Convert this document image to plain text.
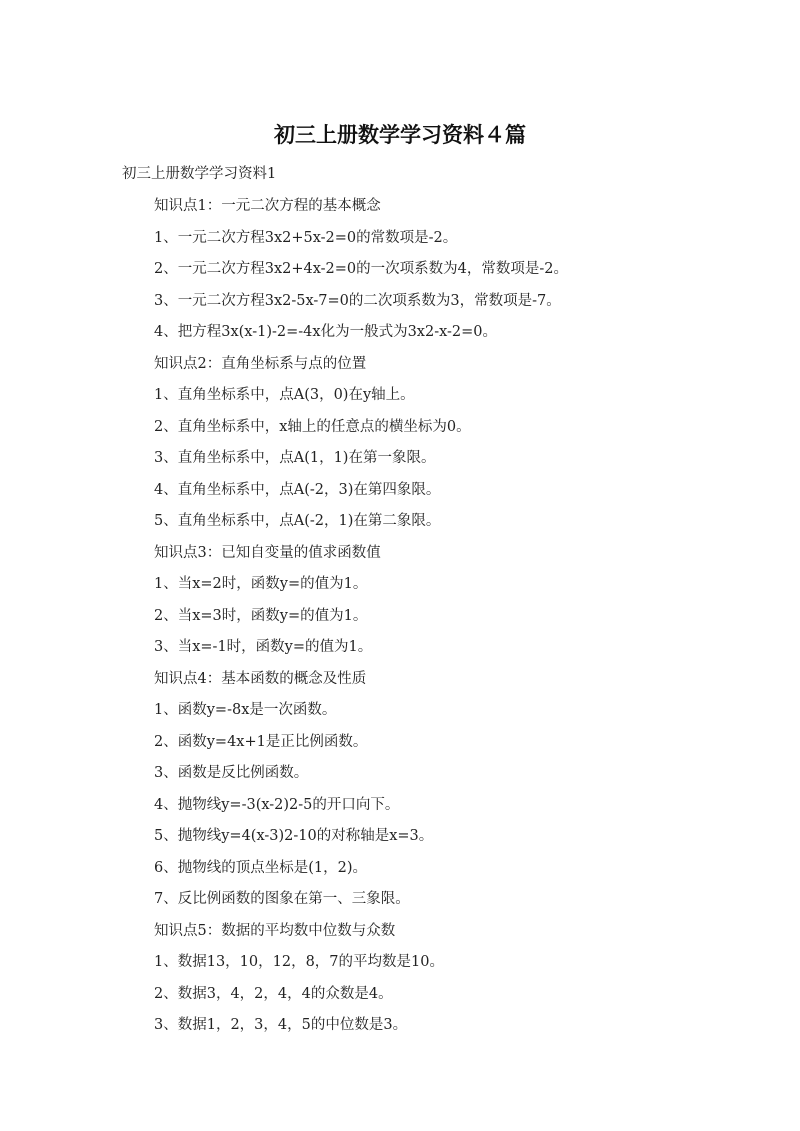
初三上册数学学习资料４篇

初三上册数学学习资料1

知识点1：一元二次方程的基本概念
1、一元二次方程3x2+5x-2=0的常数项是-2。
2、一元二次方程3x2+4x-2=0的一次项系数为4，常数项是-2。
3、一元二次方程3x2-5x-7=0的二次项系数为3，常数项是-7。
4、把方程3x(x-1)-2=-4x化为一般式为3x2-x-2=0。
知识点2：直角坐标系与点的位置
1、直角坐标系中，点A(3，0)在y轴上。
2、直角坐标系中，x轴上的任意点的横坐标为0。
3、直角坐标系中，点A(1，1)在第一象限。
4、直角坐标系中，点A(-2，3)在第四象限。
5、直角坐标系中，点A(-2，1)在第二象限。
知识点3：已知自变量的值求函数值
1、当x=2时，函数y=的值为1。
2、当x=3时，函数y=的值为1。
3、当x=-1时，函数y=的值为1。
知识点4：基本函数的概念及性质
1、函数y=-8x是一次函数。
2、函数y=4x+1是正比例函数。
3、函数是反比例函数。
4、抛物线y=-3(x-2)2-5的开口向下。
5、抛物线y=4(x-3)2-10的对称轴是x=3。
6、抛物线的顶点坐标是(1，2)。
7、反比例函数的图象在第一、三象限。
知识点5：数据的平均数中位数与众数
1、数据13，10，12，8，7的平均数是10。
2、数据3，4，2，4，4的众数是4。
3、数据1，2，3，4，5的中位数是3。
